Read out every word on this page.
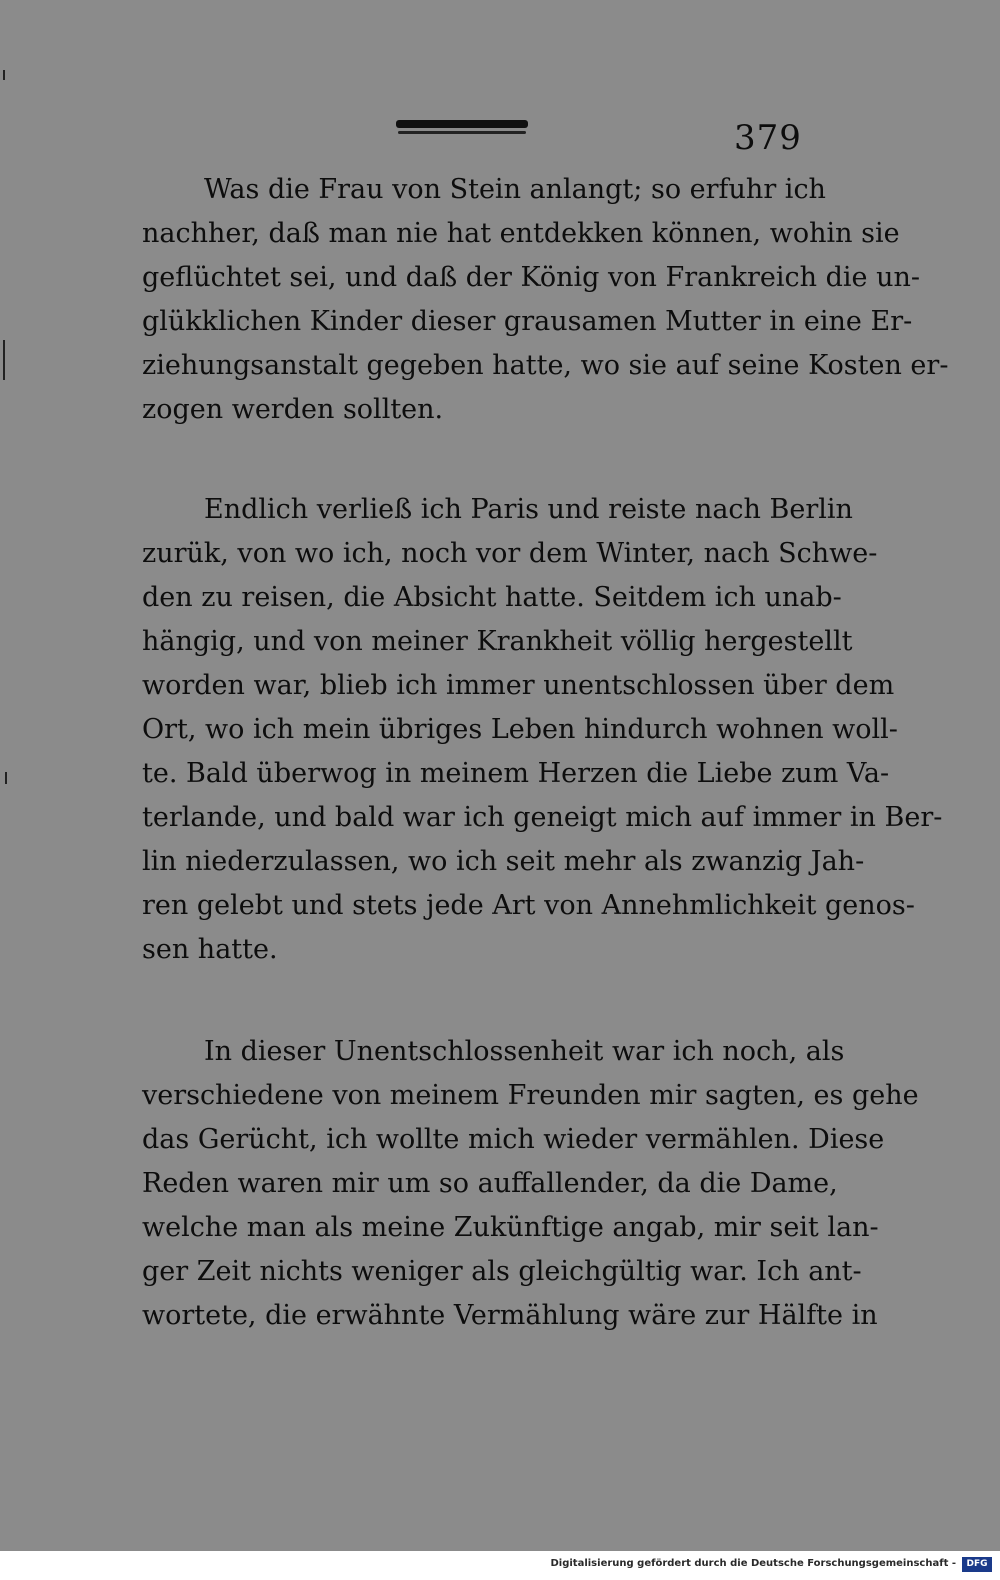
379
Was die Frau von Stein anlangt; so erfuhr ich
nachher, daß man nie hat entdekken können, wohin sie
geflüchtet sei, und daß der König von Frankreich die un-
glükklichen Kinder dieser grausamen Mutter in eine Er-
ziehungsanstalt gegeben hatte, wo sie auf seine Kosten er-
zogen werden sollten.
Endlich verließ ich Paris und reiste nach Berlin
zurük, von wo ich, noch vor dem Winter, nach Schwe-
den zu reisen, die Absicht hatte. Seitdem ich unab-
hängig, und von meiner Krankheit völlig hergestellt
worden war, blieb ich immer unentschlossen über dem
Ort, wo ich mein übriges Leben hindurch wohnen woll-
te. Bald überwog in meinem Herzen die Liebe zum Va-
terlande, und bald war ich geneigt mich auf immer in Ber-
lin niederzulassen, wo ich seit mehr als zwanzig Jah-
ren gelebt und stets jede Art von Annehmlichkeit genos-
sen hatte.
In dieser Unentschlossenheit war ich noch, als
verschiedene von meinem Freunden mir sagten, es gehe
das Gerücht, ich wollte mich wieder vermählen. Diese
Reden waren mir um so auffallender, da die Dame,
welche man als meine Zukünftige angab, mir seit lan-
ger Zeit nichts weniger als gleichgültig war. Ich ant-
wortete, die erwähnte Vermählung wäre zur Hälfte in
Digitalisierung gefördert durch die Deutsche Forschungsgemeinschaft -	DFG
